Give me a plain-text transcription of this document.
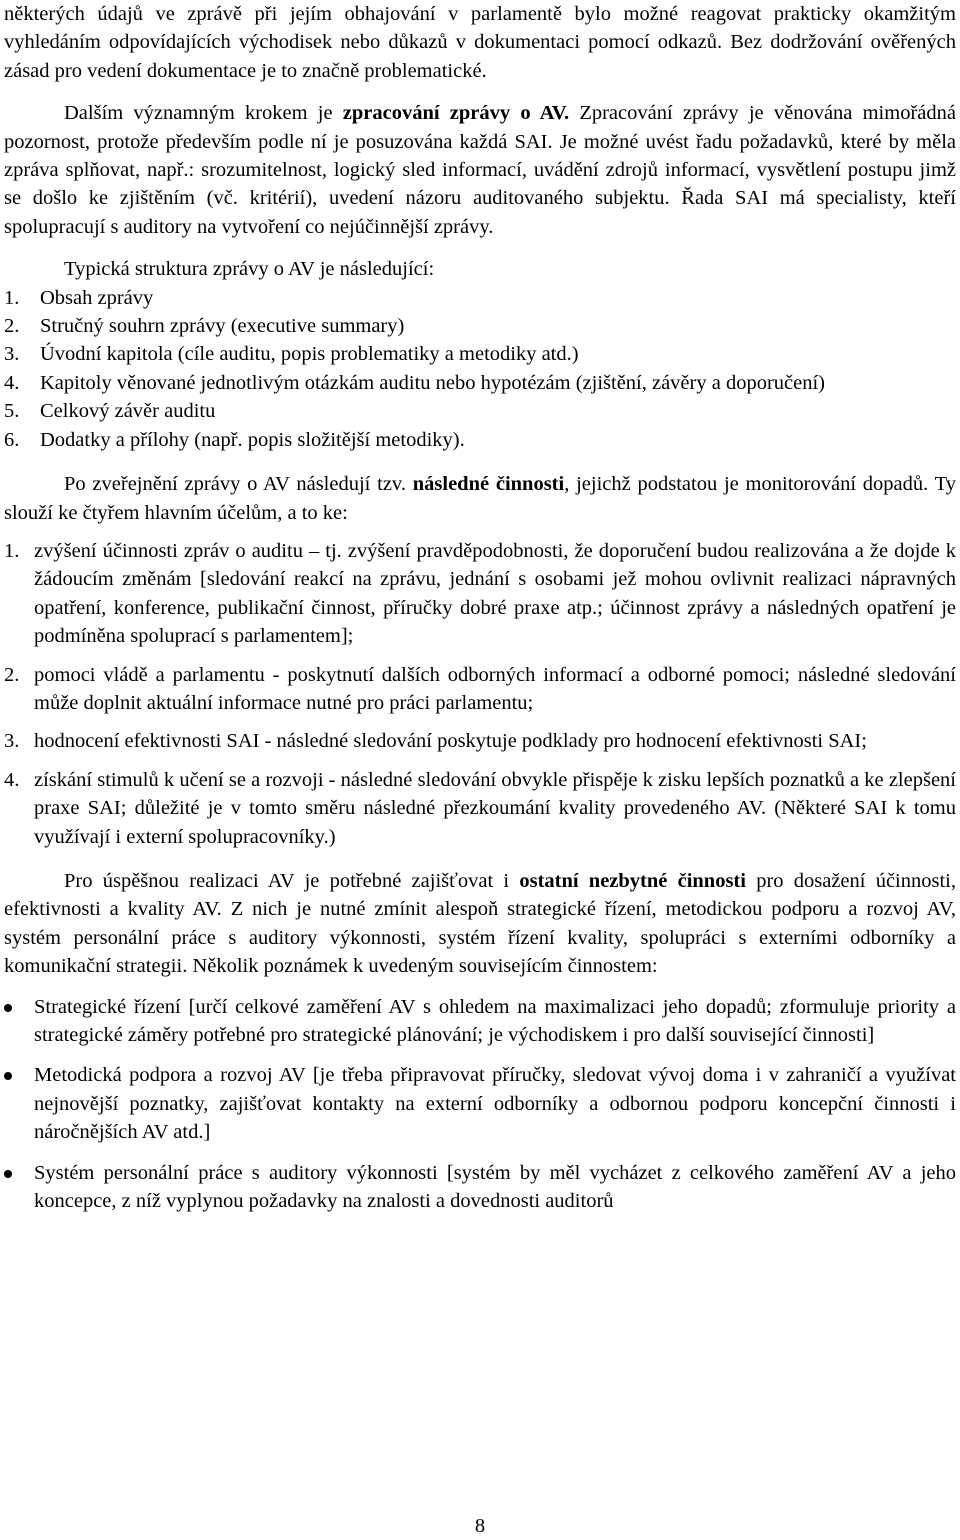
některých údajů ve zprávě při jejím obhajování v parlamentě bylo možné reagovat prakticky okamžitým vyhledáním odpovídajících východisek nebo důkazů v dokumentaci pomocí odkazů. Bez dodržování ověřených zásad pro vedení dokumentace je to značně problematické.

Dalším významným krokem je zpracování zprávy o AV. Zpracování zprávy je věnována mimořádná pozornost, protože především podle ní je posuzována každá SAI. Je možné uvést řadu požadavků, které by měla zpráva splňovat, např.: srozumitelnost, logický sled informací, uvádění zdrojů informací, vysvětlení postupu jimž se došlo ke zjištěním (vč. kritérií), uvedení názoru auditovaného subjektu. Řada SAI má specialisty, kteří spolupracují s auditory na vytvoření co nejúčinnější zprávy.

Typická struktura zprávy o AV je následující:

1. Obsah zprávy
2. Stručný souhrn zprávy (executive summary)
3. Úvodní kapitola (cíle auditu, popis problematiky a metodiky atd.)
4. Kapitoly věnované jednotlivým otázkám auditu nebo hypotézám (zjištění, závěry a doporučení)
5. Celkový závěr auditu
6. Dodatky a přílohy (např. popis složitější metodiky).

Po zveřejnění zprávy o AV následují tzv. následné činnosti, jejichž podstatou je monitorování dopadů. Ty slouží ke čtyřem hlavním účelům, a to ke:

1. zvýšení účinnosti zpráv o auditu – tj. zvýšení pravděpodobnosti, že doporučení budou realizována a že dojde k žádoucím změnám [sledování reakcí na zprávu, jednání s osobami jež mohou ovlivnit realizaci nápravných opatření, konference, publikační činnost, příručky dobré praxe atp.; účinnost zprávy a následných opatření je podmíněna spoluprací s parlamentem];
2. pomoci vládě a parlamentu - poskytnutí dalších odborných informací a odborné pomoci; následné sledování může doplnit aktuální informace nutné pro práci parlamentu;
3. hodnocení efektivnosti SAI - následné sledování poskytuje podklady pro hodnocení efektivnosti SAI;
4. získání stimulů k učení se a rozvoji - následné sledování obvykle přispěje k zisku lepších poznatků a ke zlepšení praxe SAI; důležité je v tomto směru následné přezkoumání kvality provedeného AV. (Některé SAI k tomu využívají i externí spolupracovníky.)

Pro úspěšnou realizaci AV je potřebné zajišťovat i ostatní nezbytné činnosti pro dosažení účinnosti, efektivnosti a kvality AV. Z nich je nutné zmínit alespoň strategické řízení, metodickou podporu a rozvoj AV, systém personální práce s auditory výkonnosti, systém řízení kvality, spolupráci s externími odborníky a komunikační strategii. Několik poznámek k uvedeným souvisejícím činnostem:

Strategické řízení [určí celkové zaměření AV s ohledem na maximalizaci jeho dopadů; zformuluje priority a strategické záměry potřebné pro strategické plánování; je východiskem i pro další související činnosti]
Metodická podpora a rozvoj AV [je třeba připravovat příručky, sledovat vývoj doma i v zahraničí a využívat nejnovější poznatky, zajišťovat kontakty na externí odborníky a odbornou podporu koncepční činnosti i náročnějších AV atd.]
Systém personální práce s auditory výkonnosti [systém by měl vycházet z celkového zaměření AV a jeho koncepce, z níž vyplynou požadavky na znalosti a dovednosti auditorů
8
